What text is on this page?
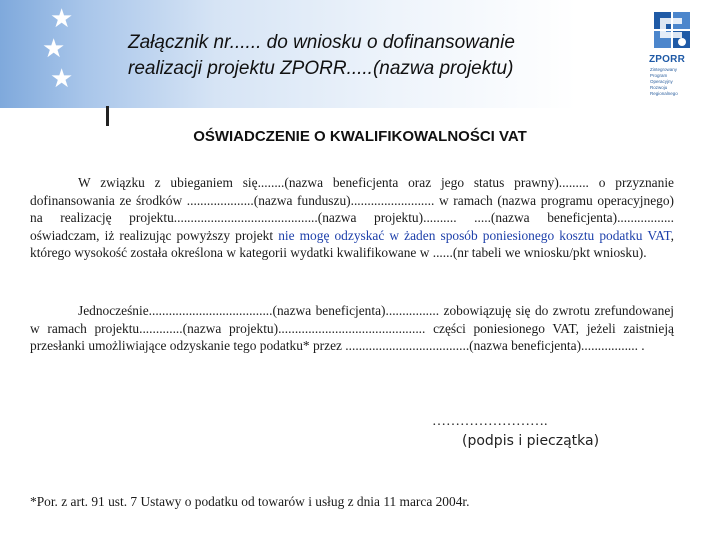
★
★
★
Załącznik nr...... do wniosku o dofinansowanie
realizacji projektu ZPORR.....(nazwa projektu)	ZPORR
Zintegrowany
Program
Operacyjny
Rozwoju
Regionalnego
OŚWIADCZENIE O KWALIFIKOWALNOŚCI VAT
W związku z ubieganiem się........(nazwa beneficjenta oraz jego status prawny)......... o przyznanie dofinansowania ze środków ....................(nazwa funduszu)......................... w ramach (nazwa programu operacyjnego) na realizację projektu...........................................(nazwa projektu).......... .....(nazwa beneficjenta)................. oświadczam, iż realizując powyższy projekt nie mogę odzyskać w żaden sposób poniesionego kosztu podatku VAT, którego wysokość została określona w kategorii wydatki kwalifikowane w ......(nr tabeli we wniosku/pkt wniosku).
Jednocześnie.....................................(nazwa beneficjenta)................ zobowiązuję się do zwrotu zrefundowanej w ramach projektu.............(nazwa projektu)............................................ części poniesionego VAT, jeżeli zaistnieją przesłanki umożliwiające odzyskanie tego podatku* przez .....................................(nazwa beneficjenta)................. .
…………………….
(podpis i pieczątka)
*Por. z art. 91 ust. 7 Ustawy o podatku od towarów i usług z dnia 11 marca 2004r.
